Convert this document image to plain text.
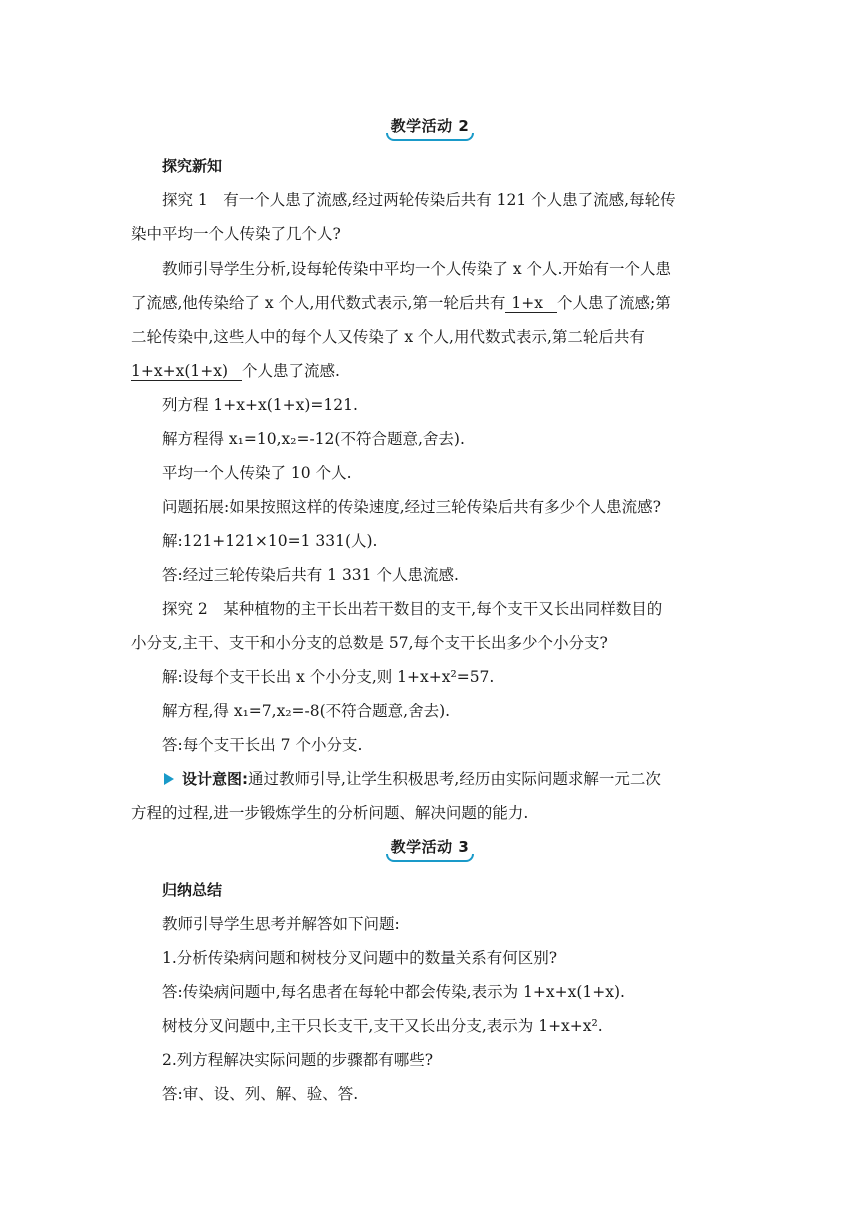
教学活动 2
探究新知
探究 1　有一个人患了流感,经过两轮传染后共有 121 个人患了流感,每轮传
染中平均一个人传染了几个人?
教师引导学生分析,设每轮传染中平均一个人传染了 x 个人.开始有一个人患
了流感,他传染给了 x 个人,用代数式表示,第一轮后共有 1+x 个人患了流感;第
二轮传染中,这些人中的每个人又传染了 x 个人,用代数式表示,第二轮后共有
1+x+x(1+x) 个人患了流感.
列方程 1+x+x(1+x)=121.
解方程得 x₁=10,x₂=-12(不符合题意,舍去).
平均一个人传染了 10 个人.
问题拓展:如果按照这样的传染速度,经过三轮传染后共有多少个人患流感?
解:121+121×10=1 331(人).
答:经过三轮传染后共有 1 331 个人患流感.
探究 2　某种植物的主干长出若干数目的支干,每个支干又长出同样数目的
小分支,主干、支干和小分支的总数是 57,每个支干长出多少个小分支?
解:设每个支干长出 x 个小分支,则 1+x+x²=57.
解方程,得 x₁=7,x₂=-8(不符合题意,舍去).
答:每个支干长出 7 个小分支.
设计意图:通过教师引导,让学生积极思考,经历由实际问题求解一元二次
方程的过程,进一步锻炼学生的分析问题、解决问题的能力.
教学活动 3
归纳总结
教师引导学生思考并解答如下问题:
1.分析传染病问题和树枝分叉问题中的数量关系有何区别?
答:传染病问题中,每名患者在每轮中都会传染,表示为 1+x+x(1+x).
树枝分叉问题中,主干只长支干,支干又长出分支,表示为 1+x+x².
2.列方程解决实际问题的步骤都有哪些?
答:审、设、列、解、验、答.
